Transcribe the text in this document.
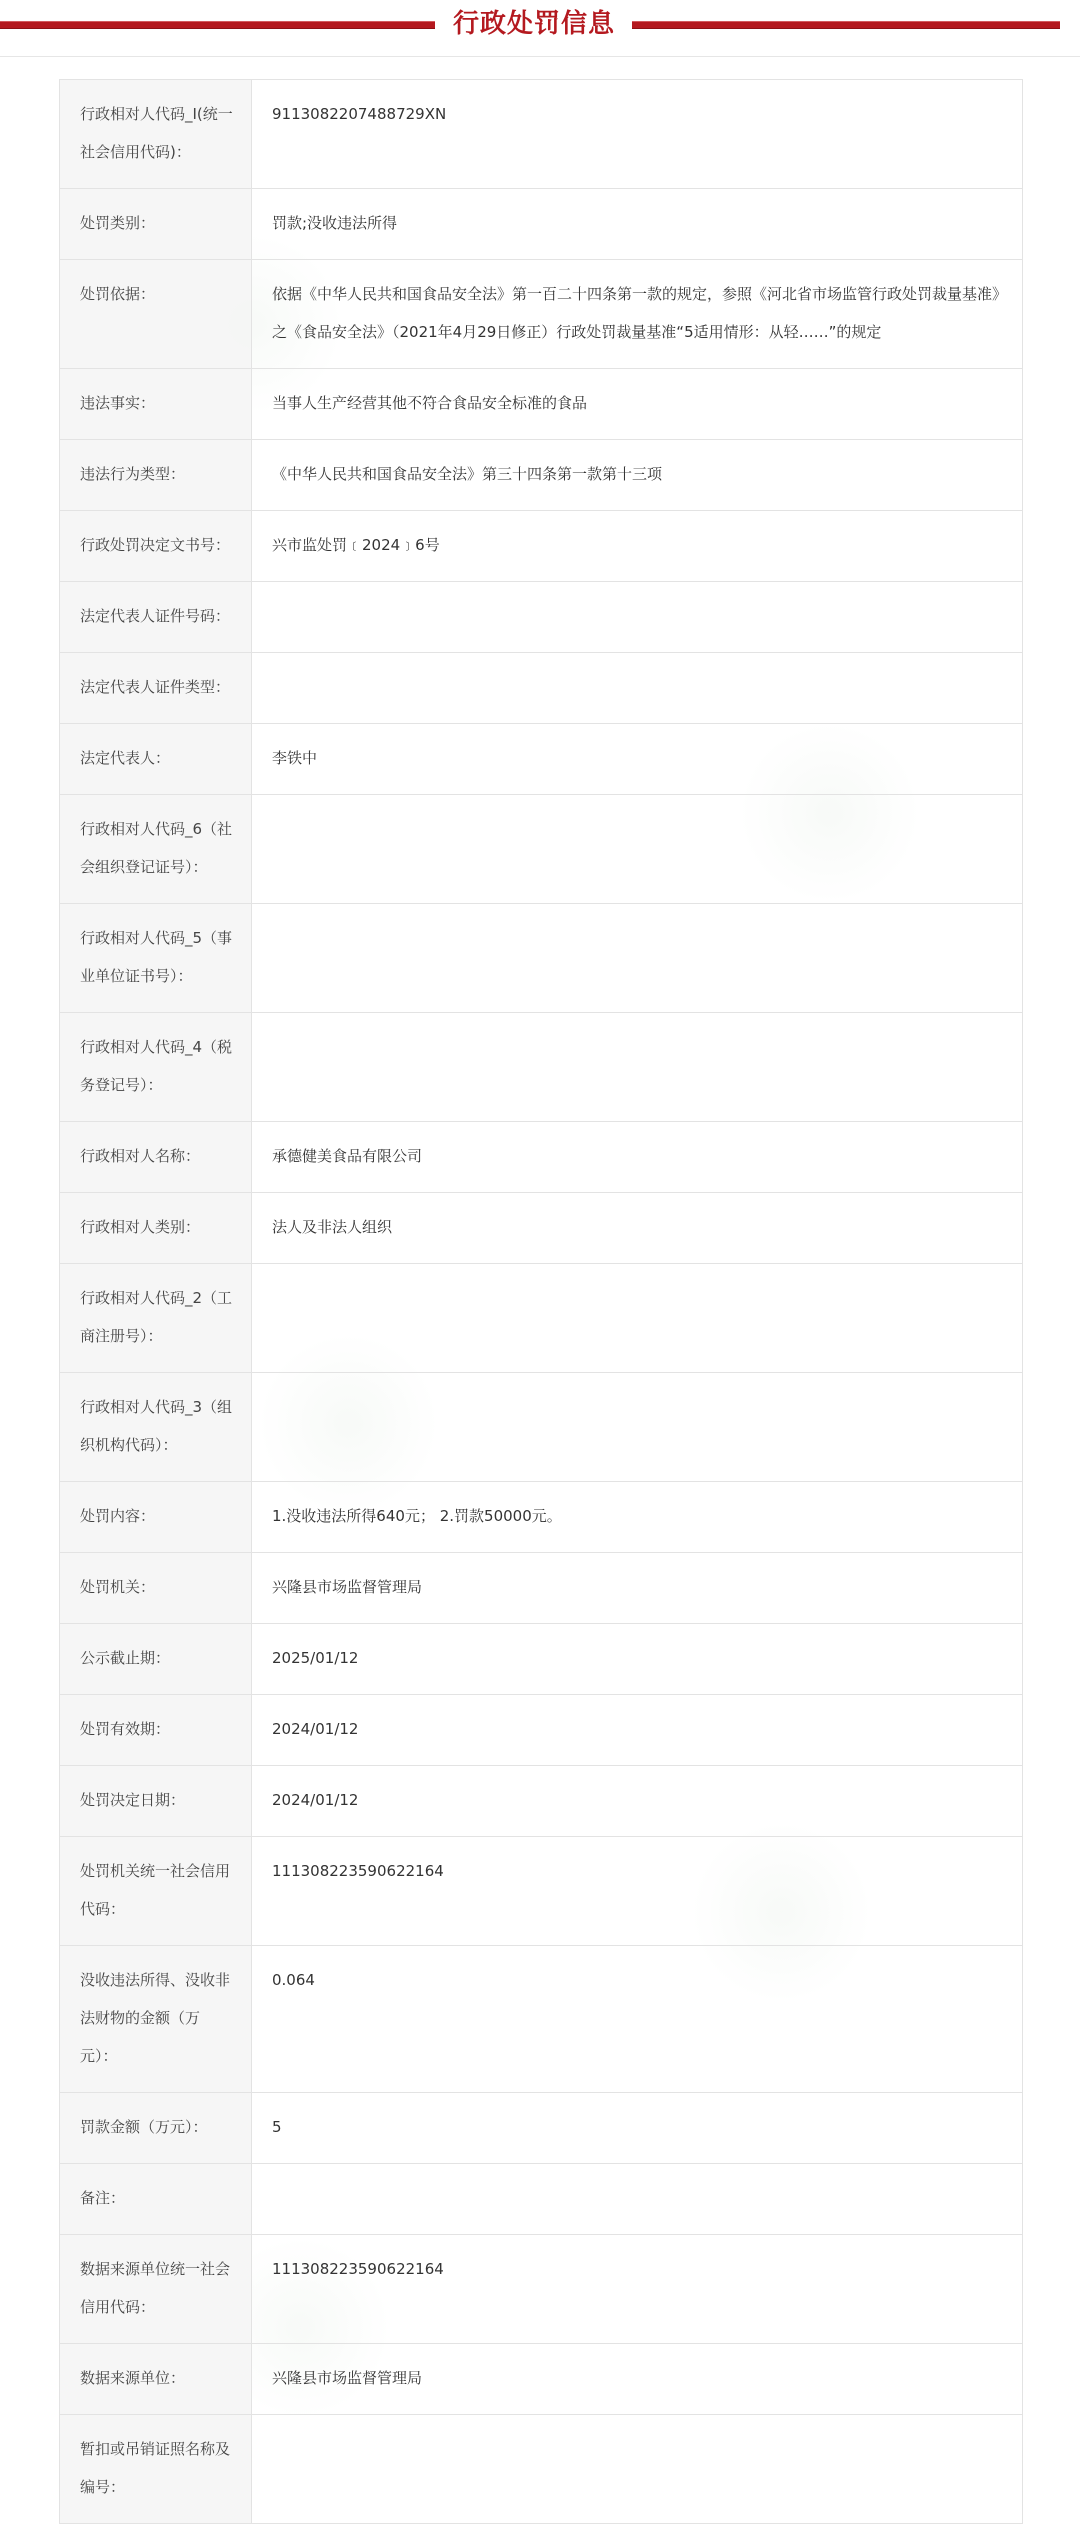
行政处罚信息
行政相对人代码_I(统一社会信用代码)：
9113082207488729XN
处罚类别：	罚款;没收违法所得
处罚依据：	依据《中华人民共和国食品安全法》第一百二十四条第一款的规定，参照《河北省市场监管行政处罚裁量基准》之《食品安全法》（2021年4月29日修正）行政处罚裁量基准“5适用情形：从轻……”的规定
违法事实：	当事人生产经营其他不符合食品安全标准的食品
违法行为类型：	《中华人民共和国食品安全法》第三十四条第一款第十三项
行政处罚决定文书号：	兴市监处罚﹝2024﹞6号
法定代表人证件号码：
法定代表人证件类型：
法定代表人：	李铁中
行政相对人代码_6（社会组织登记证号）：
行政相对人代码_5（事业单位证书号）：
行政相对人代码_4（税务登记号）：
行政相对人名称：	承德健美食品有限公司
行政相对人类别：	法人及非法人组织
行政相对人代码_2（工商注册号）：
行政相对人代码_3（组织机构代码）：
处罚内容：	1.没收违法所得640元； 2.罚款50000元。
处罚机关：	兴隆县市场监督管理局
公示截止期：	2025/01/12
处罚有效期：	2024/01/12
处罚决定日期：	2024/01/12
处罚机关统一社会信用代码：
111308223590622164
没收违法所得、没收非法财物的金额（万元）：
0.064
罚款金额（万元）：	5
备注：
数据来源单位统一社会信用代码：
111308223590622164
数据来源单位：	兴隆县市场监督管理局
暂扣或吊销证照名称及编号：
